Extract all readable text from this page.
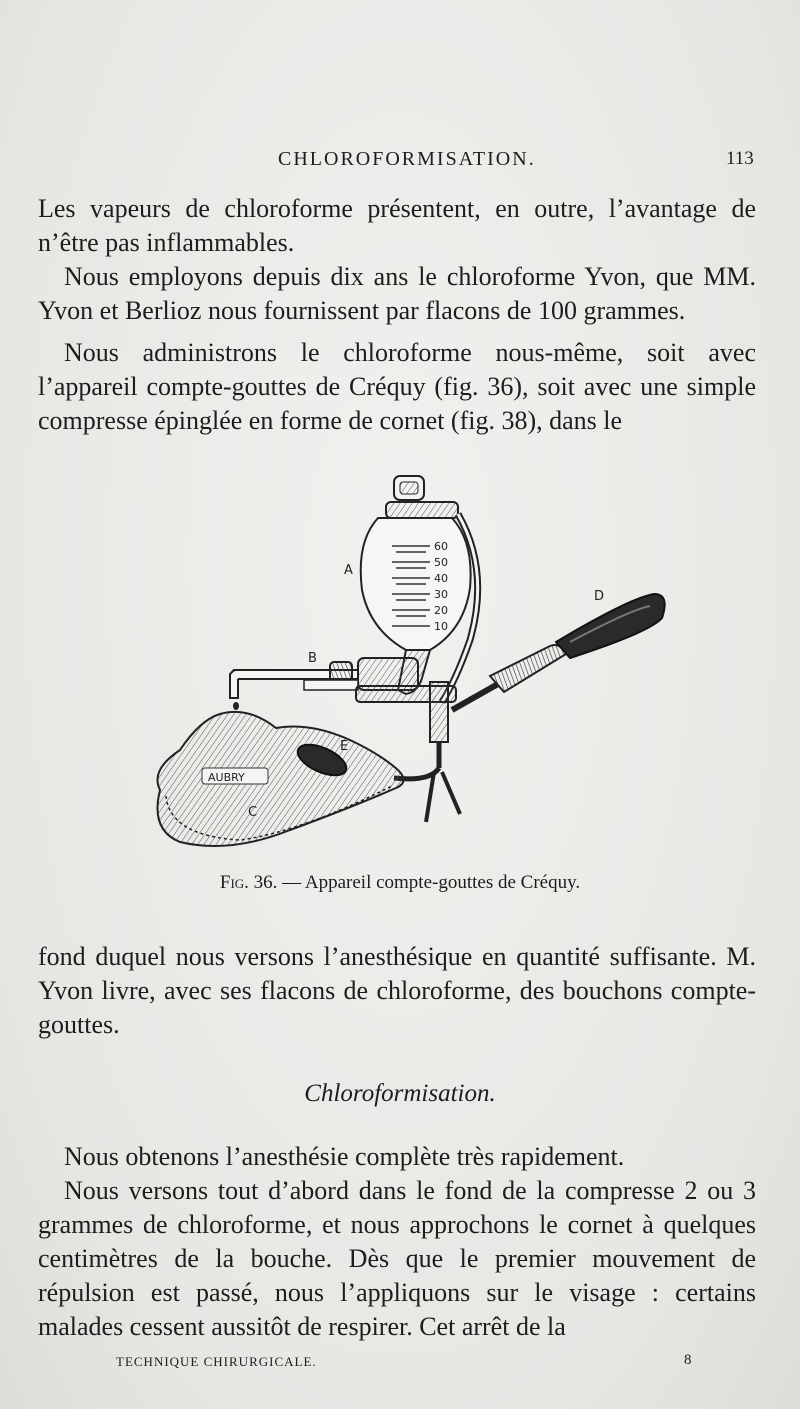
CHLOROFORMISATION.	113

Les vapeurs de chloroforme présentent, en outre, l’avantage de n’être pas inflammables.

Nous employons depuis dix ans le chloroforme Yvon, que MM. Yvon et Berlioz nous fournissent par flacons de 100 grammes.

Nous administrons le chloroforme nous-même, soit avec l’appareil compte-gouttes de Créquy (fig. 36), soit avec une simple compresse épinglée en forme de cornet (fig. 38), dans le

60
50
40
30
20
10
AUBRY
A
B
C
D
E
Fig. 36. — Appareil compte-gouttes de Créquy.

fond duquel nous versons l’anesthésique en quantité suffisante. M. Yvon livre, avec ses flacons de chloroforme, des bouchons compte-gouttes.

Chloroformisation.

Nous obtenons l’anesthésie complète très rapidement.

Nous versons tout d’abord dans le fond de la compresse 2 ou 3 grammes de chloroforme, et nous approchons le cornet à quelques centimètres de la bouche. Dès que le premier mouvement de répulsion est passé, nous l’appliquons sur le visage : certains malades cessent aussitôt de respirer. Cet arrêt de la

TECHNIQUE CHIRURGICALE.	8
